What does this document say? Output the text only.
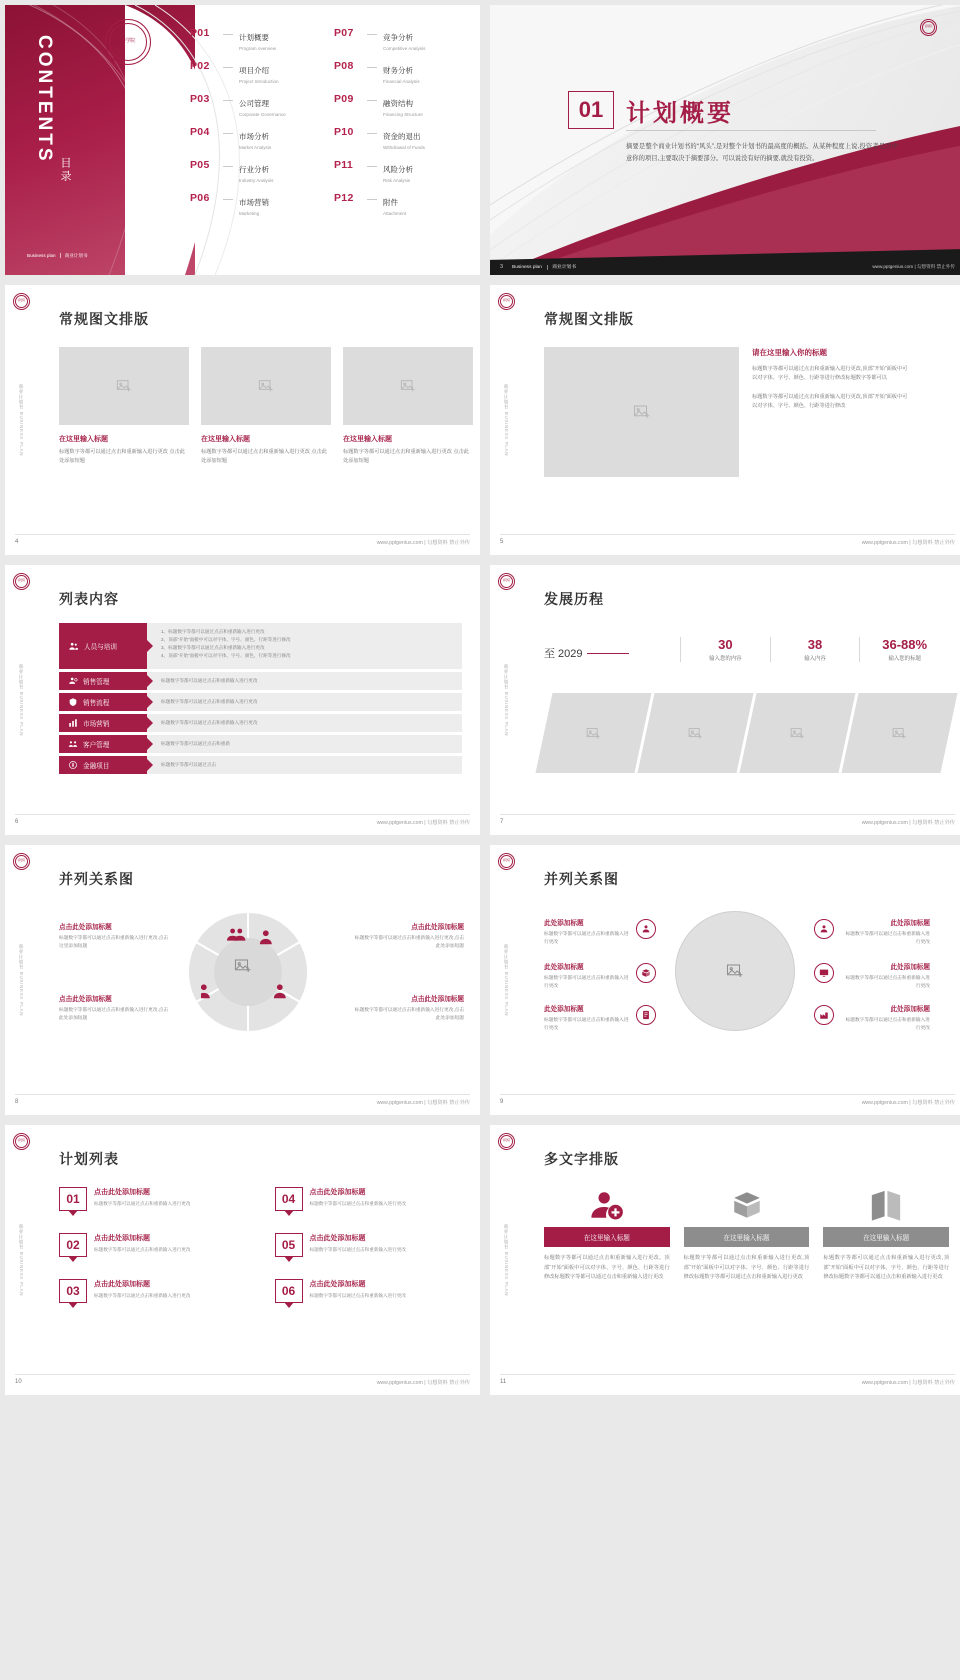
CONTENTS
目录
商学院
P01	计划概要
Program overview
P07	竞争分析
Competitive Analysis
P02	项目介绍
Project Introduction
P08	财务分析
Financial Analysis
P03	公司管理
Corporate Governance
P09	融资结构
Financing Structure
P04	市场分析
Market Analysis
P10	资金的退出
Withdrawal of Funds
P05	行业分析
Industry Analysis
P11	风险分析
Risk Analysis
P06	市场营销
Marketing
P12	附件
Attachment
Business plan 商业计划书
商学院
01 计划概要
摘要是整个商业计划书的“风头”,是对整个计划书的最高度的概括。从某种程度上说,投资者是否中意你的项目,主要取决于摘要部分。可以说没有好的摘要,就没有投资。
3 Business plan 商业计划书	www.pptgenius.com | 勾想资料 禁止外传
商学院
商业计划书 BUSINESS PLAN
常规图文排版
在这里输入标题
标题数字等都可以通过点击和重新输入进行更改 点击此处添加短题
在这里输入标题
标题数字等都可以通过点击和重新输入进行更改 点击此处添加短题
在这里输入标题
标题数字等都可以通过点击和重新输入进行更改 点击此处添加短题
4	www.pptgenius.com | 勾想资料 禁止外传
商学院
商业计划书 BUSINESS PLAN
常规图文排版
请在这里输入你的标题
标题数字等都可以通过点击和重新输入进行更改,顶部“开始”面板中可以对字体、字号、颜色、行距等进行修改标题数字等都可以
标题数字等都可以通过点击和重新输入进行更改,顶部“开始”面板中可以对字体、字号、颜色、行距等进行修改
5	www.pptgenius.com | 勾想资料 禁止外传
商学院
商业计划书 BUSINESS PLAN
列表内容
人员与培训
1、标题数字等都可以通过点击和重新输入进行更改
2、顶部“开始”面板中可以对字体、字号、颜色、行距等进行修改
3、标题数字等都可以通过点击和重新输入进行更改
4、顶部“开始”面板中可以对字体、字号、颜色、行距等进行修改
销售管理	标题数字等都可以通过点击和重新输入进行更改
销售流程	标题数字等都可以通过点击和重新输入进行更改
市场营销	标题数字等都可以通过点击和重新输入进行更改
客户管理	标题数字等都可以通过点击和重新
金融项目	标题数字等都可以通过点击
6	www.pptgenius.com | 勾想资料 禁止外传
商学院
商业计划书 BUSINESS PLAN
发展历程
至 2029
30
输入您的内容
38
输入内容
36-88%
输入您的标题
7	www.pptgenius.com | 勾想资料 禁止外传
商学院
商业计划书 BUSINESS PLAN
并列关系图
点击此处添加标题
标题数字等都可以通过点击和重新输入进行更改,点击这里添加短题
点击此处添加标题
标题数字等都可以通过点击和重新输入进行更改,点击此处添加短题
点击此处添加标题
标题数字等都可以通过点击和重新输入进行更改,点击此处添加短题
点击此处添加标题
标题数字等都可以通过点击和重新输入进行更改,点击此处添加短题
8	www.pptgenius.com | 勾想资料 禁止外传
商学院
商业计划书 BUSINESS PLAN
并列关系图
此处添加标题
标题数字等都可以通过点击和重新输入进行更改
此处添加标题
标题数字等都可以通过点击和重新输入进行更改
此处添加标题
标题数字等都可以通过点击和重新输入进行更改
此处添加标题
标题数字等都可以通过点击和重新输入进行更改
此处添加标题
标题数字等都可以通过点击和重新输入进行更改
此处添加标题
标题数字等都可以通过点击和重新输入进行更改
9	www.pptgenius.com | 勾想资料 禁止外传
商学院
商业计划书 BUSINESS PLAN
计划列表
01	点击此处添加标题
标题数字等都可以通过点击和重新输入进行更改	04	点击此处添加标题
标题数字等都可以通过点击和重新输入进行更改
02	点击此处添加标题
标题数字等都可以通过点击和重新输入进行更改	05	点击此处添加标题
标题数字等都可以通过点击和重新输入进行更改
03	点击此处添加标题
标题数字等都可以通过点击和重新输入进行更改	06	点击此处添加标题
标题数字等都可以通过点击和重新输入进行更改
10	www.pptgenius.com | 勾想资料 禁止外传
商学院
商业计划书 BUSINESS PLAN
多文字排版
在这里输入标题
标题数字等都可以通过点击和重新输入进行更改。顶部“开始”面板中可以对字体、字号、颜色、行距等进行修改标题数字等都可以通过点击和重新输入进行更改
在这里输入标题
标题数字等都可以通过点击和重新输入进行更改,顶部“开始”面板中可以对字体、字号、颜色、行距等进行修改标题数字等都可以通过点击和重新输入进行更改
在这里输入标题
标题数字等都可以通过点击和重新输入进行更改,顶部“开始”面板中可以对字体、字号、颜色、行距等进行修改标题数字等都可以通过点击和重新输入进行更改
11	www.pptgenius.com | 勾想资料 禁止外传
